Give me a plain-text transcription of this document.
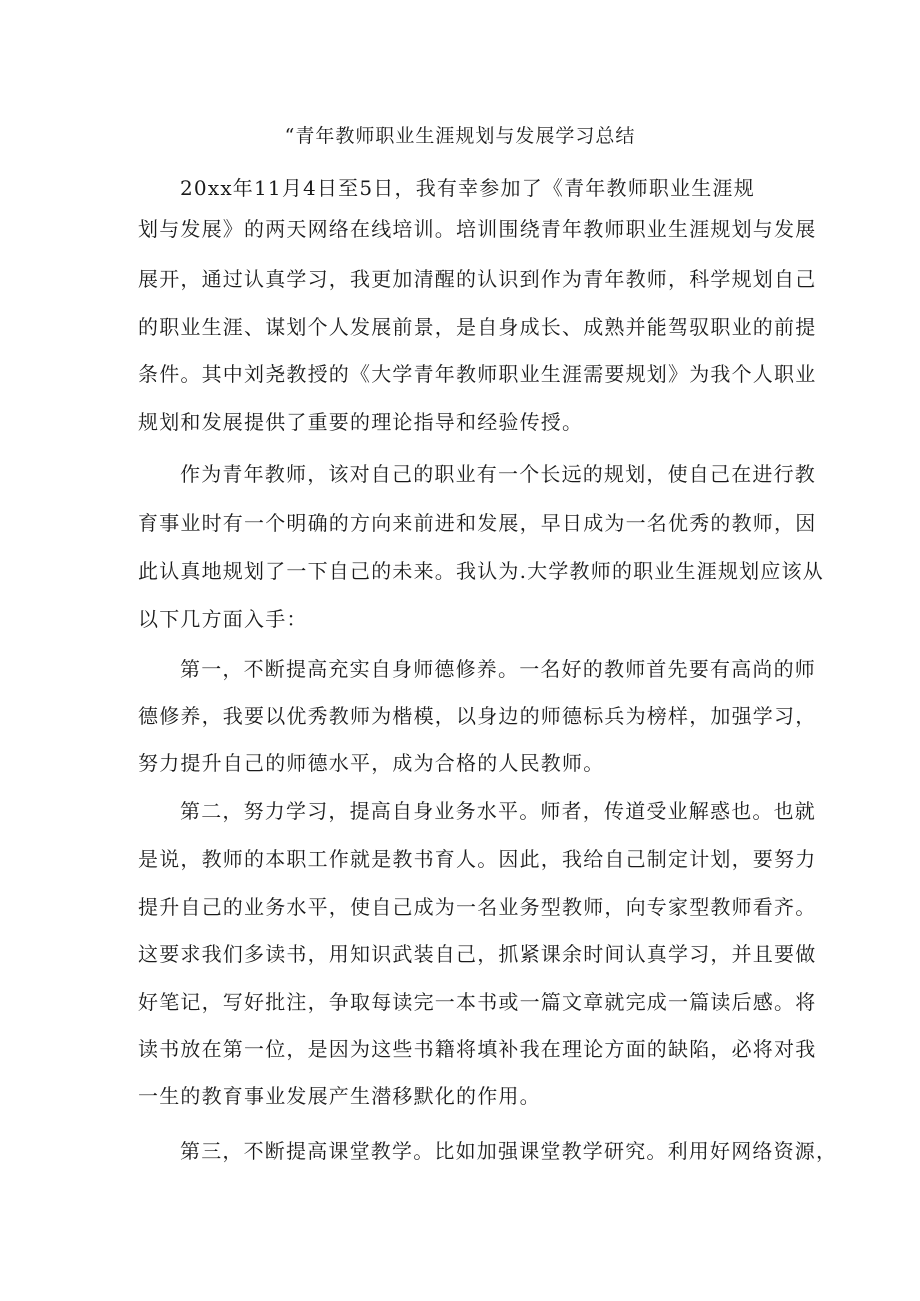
“青年教师职业生涯规划与发展学习总结
20xx年11月4日至5日，我有幸参加了《青年教师职业生涯规
划与发展》的两天网络在线培训。培训围绕青年教师职业生涯规划与发展
展开，通过认真学习，我更加清醒的认识到作为青年教师，科学规划自己
的职业生涯、谋划个人发展前景，是自身成长、成熟并能驾驭职业的前提
条件。其中刘尧教授的《大学青年教师职业生涯需要规划》为我个人职业
规划和发展提供了重要的理论指导和经验传授。
作为青年教师，该对自己的职业有一个长远的规划，使自己在进行教
育事业时有一个明确的方向来前进和发展，早日成为一名优秀的教师，因
此认真地规划了一下自己的未来。我认为.大学教师的职业生涯规划应该从
以下几方面入手：
第一，不断提高充实自身师德修养。一名好的教师首先要有高尚的师
德修养，我要以优秀教师为楷模，以身边的师德标兵为榜样，加强学习，
努力提升自己的师德水平，成为合格的人民教师。
第二，努力学习，提高自身业务水平。师者，传道受业解惑也。也就
是说，教师的本职工作就是教书育人。因此，我给自己制定计划，要努力
提升自己的业务水平，使自己成为一名业务型教师，向专家型教师看齐。
这要求我们多读书，用知识武装自己，抓紧课余时间认真学习，并且要做
好笔记，写好批注，争取每读完一本书或一篇文章就完成一篇读后感。将
读书放在第一位，是因为这些书籍将填补我在理论方面的缺陷，必将对我
一生的教育事业发展产生潜移默化的作用。
第三，不断提高课堂教学。比如加强课堂教学研究。利用好网络资源，
